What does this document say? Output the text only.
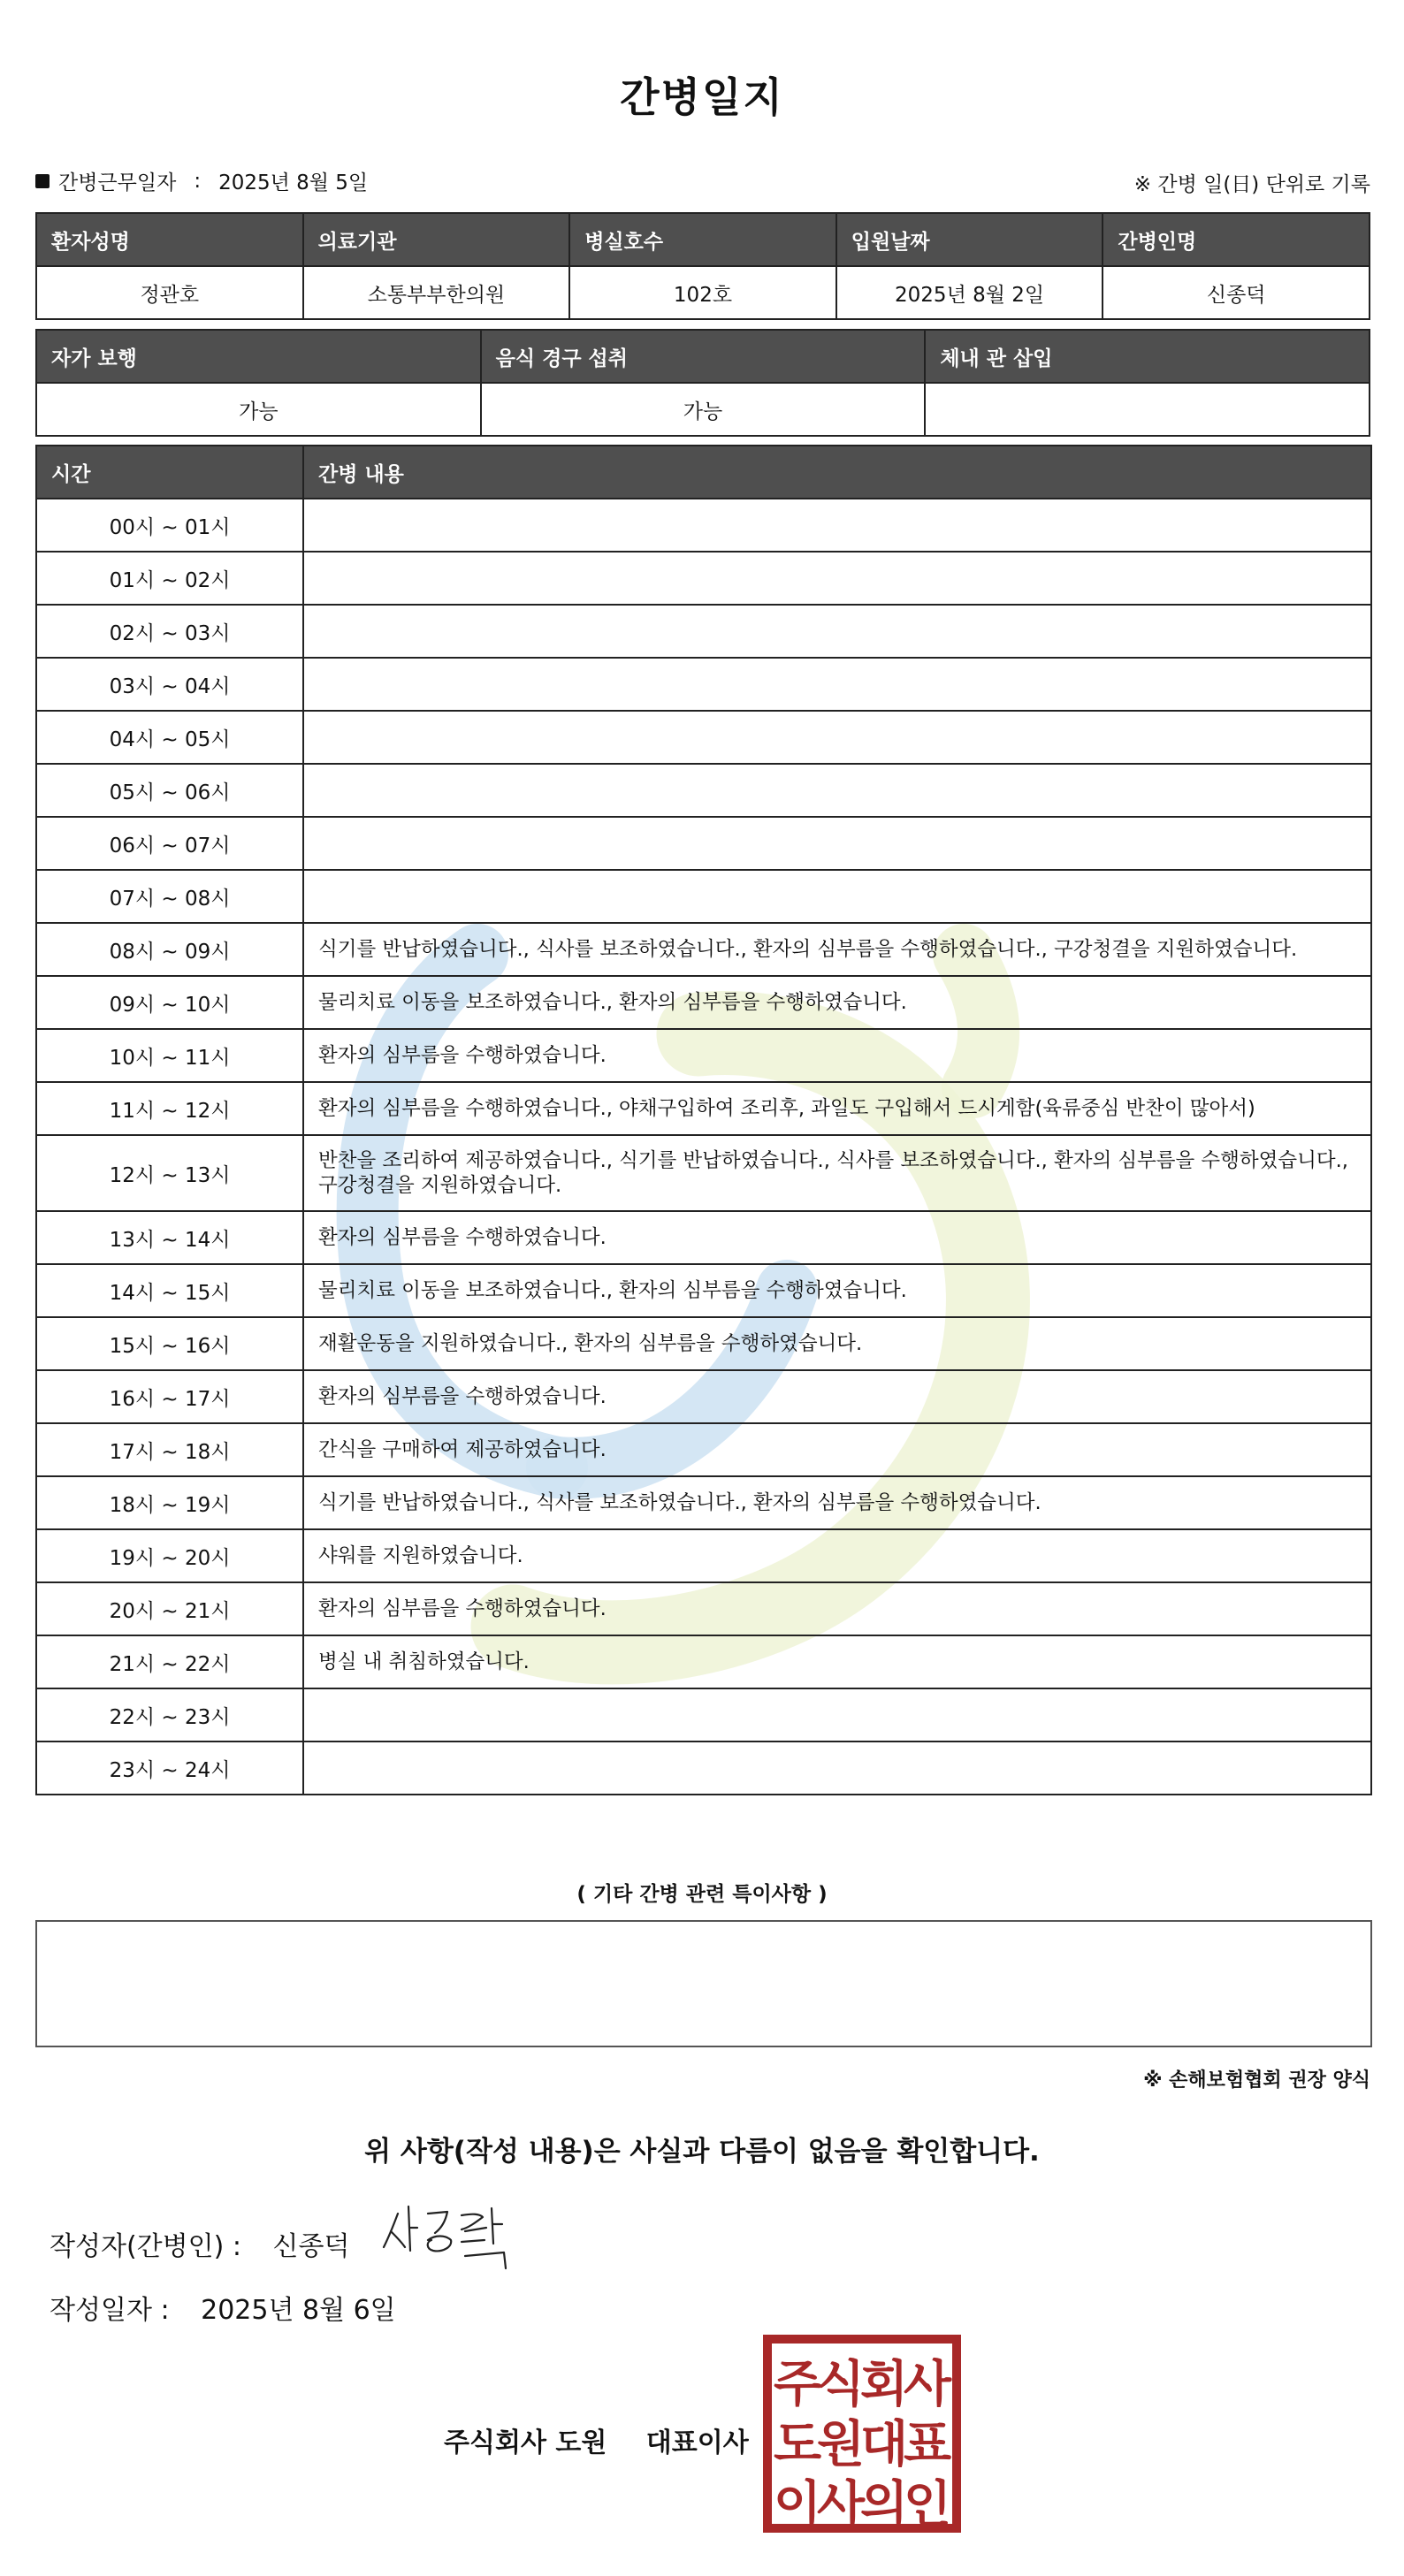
간병일지
간병근무일자 : 2025년 8월 5일	※ 간병 일(日) 단위로 기록
환자성명	의료기관	병실호수	입원날짜	간병인명
정관호	소통부부한의원	102호	2025년 8월 2일	신종덕
자가 보행	음식 경구 섭취	체내 관 삽입
가능	가능	
시간	간병 내용
00시 ~ 01시	
01시 ~ 02시	
02시 ~ 03시	
03시 ~ 04시	
04시 ~ 05시	
05시 ~ 06시	
06시 ~ 07시	
07시 ~ 08시	
08시 ~ 09시	식기를 반납하였습니다., 식사를 보조하였습니다., 환자의 심부름을 수행하였습니다., 구강청결을 지원하였습니다.
09시 ~ 10시	물리치료 이동을 보조하였습니다., 환자의 심부름을 수행하였습니다.
10시 ~ 11시	환자의 심부름을 수행하였습니다.
11시 ~ 12시	환자의 심부름을 수행하였습니다., 야채구입하여 조리후, 과일도 구입해서 드시게함(육류중심 반찬이 많아서)
12시 ~ 13시	반찬을 조리하여 제공하였습니다., 식기를 반납하였습니다., 식사를 보조하였습니다., 환자의 심부름을 수행하였습니다., 구강청결을 지원하였습니다.
13시 ~ 14시	환자의 심부름을 수행하였습니다.
14시 ~ 15시	물리치료 이동을 보조하였습니다., 환자의 심부름을 수행하였습니다.
15시 ~ 16시	재활운동을 지원하였습니다., 환자의 심부름을 수행하였습니다.
16시 ~ 17시	환자의 심부름을 수행하였습니다.
17시 ~ 18시	간식을 구매하여 제공하였습니다.
18시 ~ 19시	식기를 반납하였습니다., 식사를 보조하였습니다., 환자의 심부름을 수행하였습니다.
19시 ~ 20시	샤워를 지원하였습니다.
20시 ~ 21시	환자의 심부름을 수행하였습니다.
21시 ~ 22시	병실 내 취침하였습니다.
22시 ~ 23시	
23시 ~ 24시	
( 기타 간병 관련 특이사항 )
※ 손해보험협회 권장 양식
위 사항(작성 내용)은 사실과 다름이 없음을 확인합니다.
작성자(간병인) : 신종덕
작성일자 : 2025년 8월 6일
주식회사 도원 대표이사
주
식
회
사
도
원
대
표
이
사
의
인
